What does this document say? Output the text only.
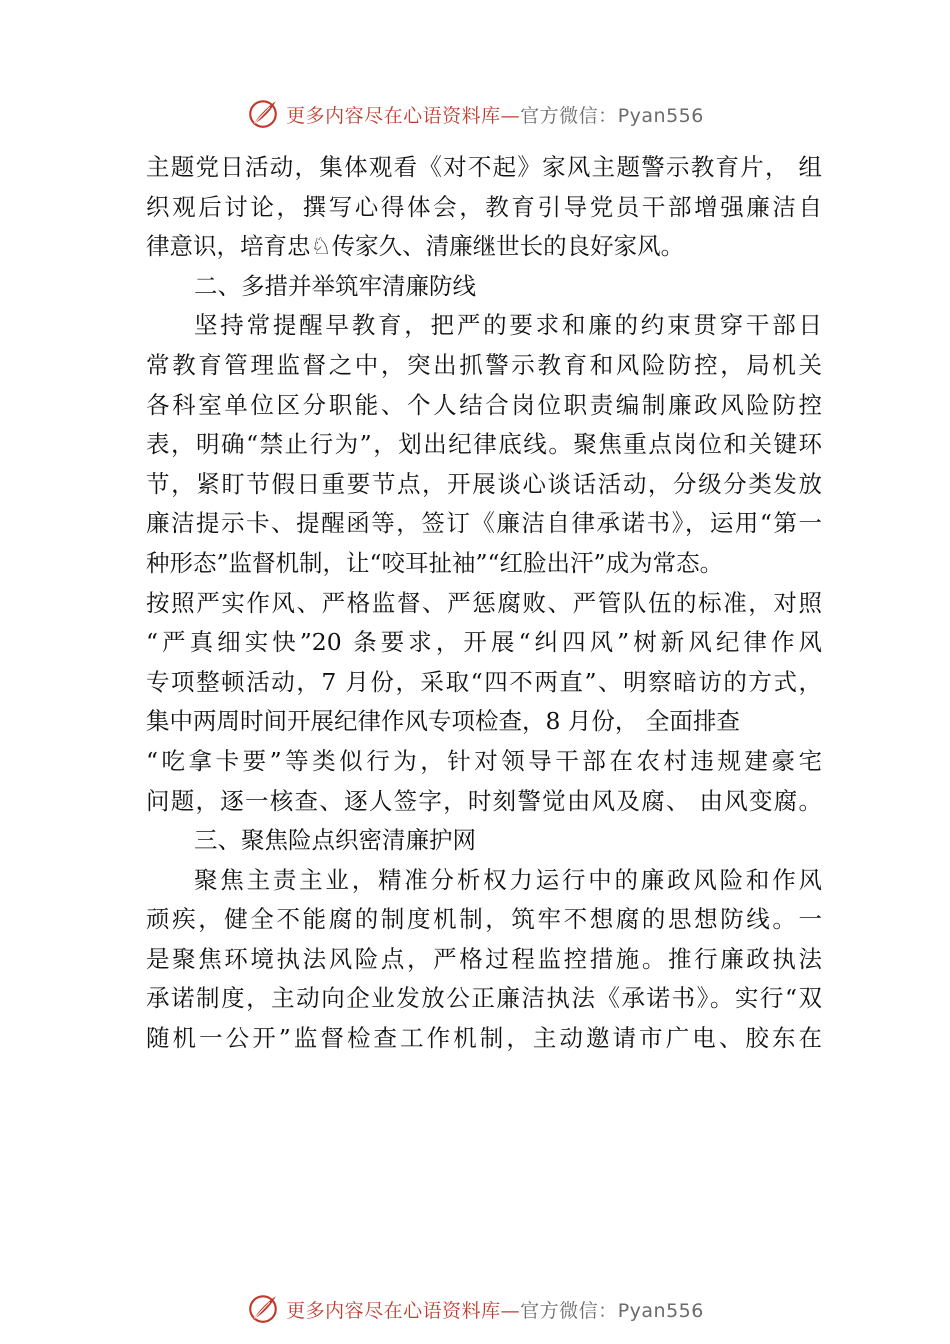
更多内容尽在心语资料库—官方微信：Pyan556
主题党日活动，集体观看《对不起》家风主题警示教育片， 组
织观后讨论，撰写心得体会，教育引导党员干部增强廉洁自
律意识，培育忠♘传家久、清廉继世长的良好家风。
二、多措并举筑牢清廉防线
坚持常提醒早教育，把严的要求和廉的约束贯穿干部日
常教育管理监督之中，突出抓警示教育和风险防控，局机关
各科室单位区分职能、个人结合岗位职责编制廉政风险防控
表，明确“禁止行为”，划出纪律底线。聚焦重点岗位和关键环
节，紧盯节假日重要节点，开展谈心谈话活动，分级分类发放
廉洁提示卡、提醒函等，签订《廉洁自律承诺书》，运用“第一
种形态”监督机制，让“咬耳扯袖”“红脸出汗”成为常态。
按照严实作风、严格监督、严惩腐败、严管队伍的标准，对照
“严真细实快”20 条要求，开展“纠四风”树新风纪律作风
专项整顿活动，7 月份，采取“四不两直”、明察暗访的方式，
集中两周时间开展纪律作风专项检查，8 月份， 全面排查
“吃拿卡要”等类似行为，针对领导干部在农村违规建豪宅
问题，逐一核查、逐人签字，时刻警觉由风及腐、 由风变腐。
三、聚焦险点织密清廉护网
聚焦主责主业，精准分析权力运行中的廉政风险和作风
顽疾，健全不能腐的制度机制，筑牢不想腐的思想防线。一
是聚焦环境执法风险点，严格过程监控措施。推行廉政执法
承诺制度，主动向企业发放公正廉洁执法《承诺书》。实行“双
随机一公开”监督检查工作机制，主动邀请市广电、胶东在
更多内容尽在心语资料库—官方微信：Pyan556
